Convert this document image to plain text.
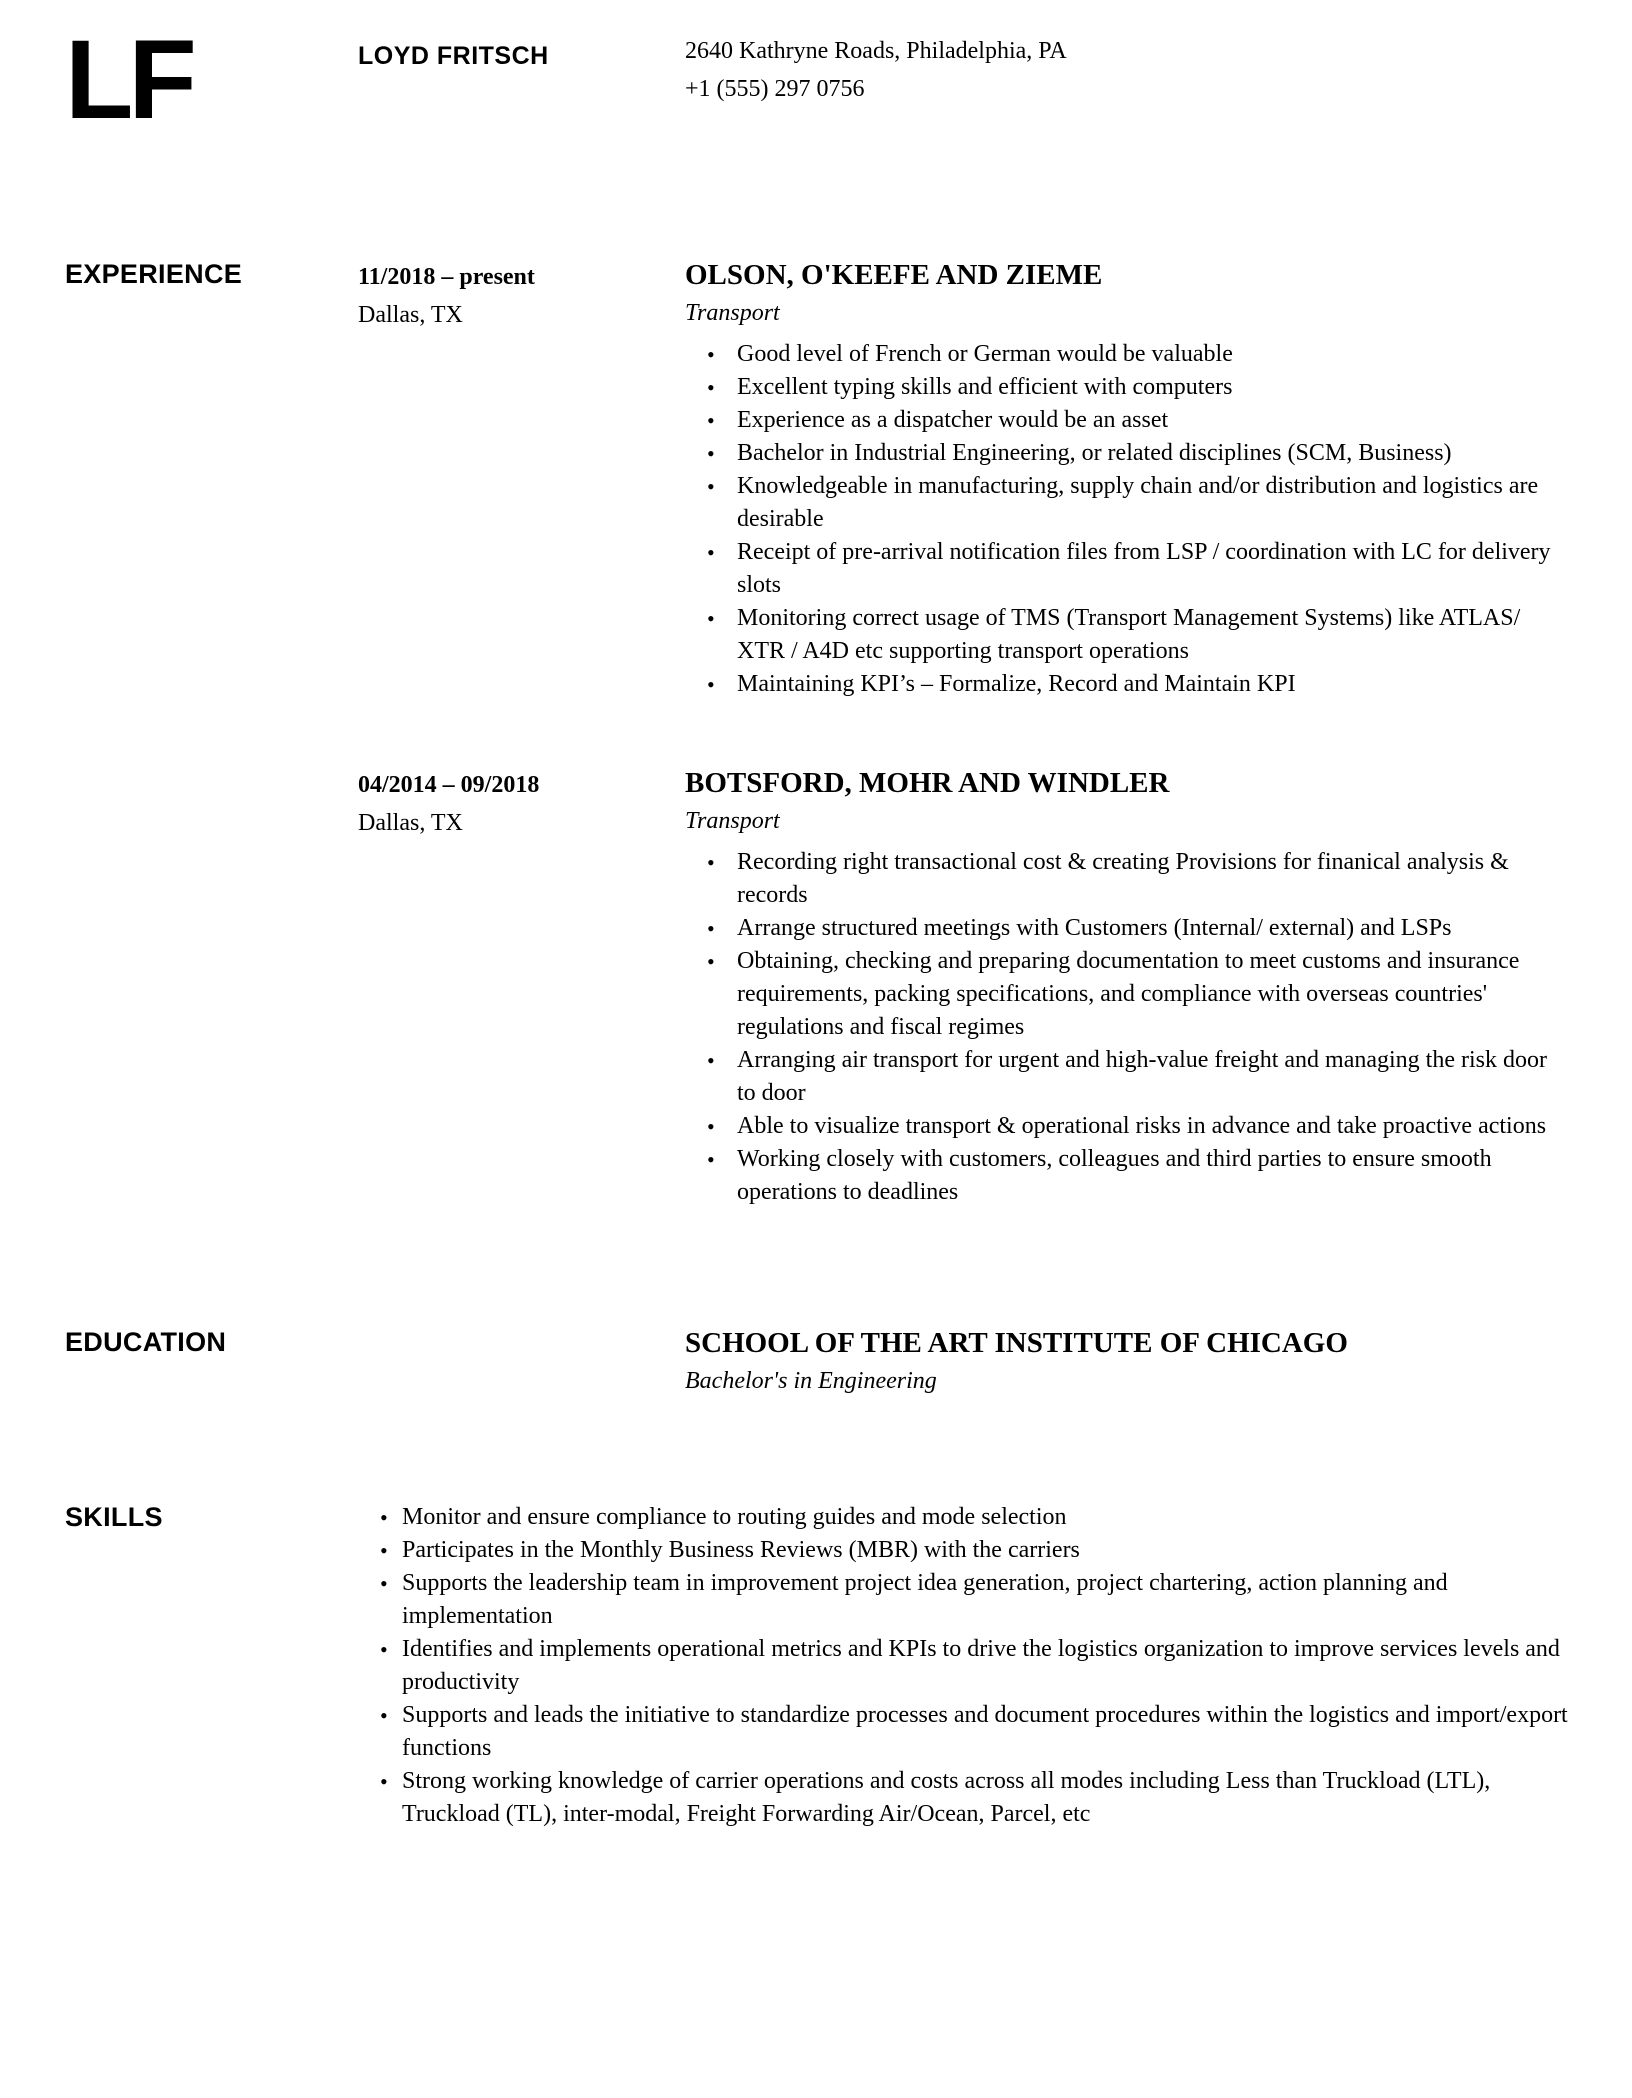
LF	LOYD FRITSCH	2640 Kathryne Roads, Philadelphia, PA
+1 (555) 297 0756
EXPERIENCE	11/2018 – present
Dallas, TX
OLSON, O'KEEFE AND ZIEME
Transport
• Good level of French or German would be valuable
• Excellent typing skills and efficient with computers
• Experience as a dispatcher would be an asset
• Bachelor in Industrial Engineering, or related disciplines (SCM, Business)
• Knowledgeable in manufacturing, supply chain and/or distribution and logistics are desirable
• Receipt of pre-arrival notification files from LSP / coordination with LC for delivery slots
• Monitoring correct usage of TMS (Transport Management Systems) like ATLAS/ XTR / A4D etc supporting transport operations
• Maintaining KPI’s – Formalize, Record and Maintain KPI
04/2014 – 09/2018
Dallas, TX
BOTSFORD, MOHR AND WINDLER
Transport
• Recording right transactional cost & creating Provisions for finanical analysis & records
• Arrange structured meetings with Customers (Internal/ external) and LSPs
• Obtaining, checking and preparing documentation to meet customs and insurance requirements, packing specifications, and compliance with overseas countries' regulations and fiscal regimes
• Arranging air transport for urgent and high-value freight and managing the risk door to door
• Able to visualize transport & operational risks in advance and take proactive actions
• Working closely with customers, colleagues and third parties to ensure smooth operations to deadlines
EDUCATION	SCHOOL OF THE ART INSTITUTE OF CHICAGO
Bachelor's in Engineering
SKILLS	• Monitor and ensure compliance to routing guides and mode selection
• Participates in the Monthly Business Reviews (MBR) with the carriers
• Supports the leadership team in improvement project idea generation, project chartering, action planning and implementation
• Identifies and implements operational metrics and KPIs to drive the logistics organization to improve services levels and productivity
• Supports and leads the initiative to standardize processes and document procedures within the logistics and import/export functions
• Strong working knowledge of carrier operations and costs across all modes including Less than Truckload (LTL), Truckload (TL), inter-modal, Freight Forwarding Air/Ocean, Parcel, etc
